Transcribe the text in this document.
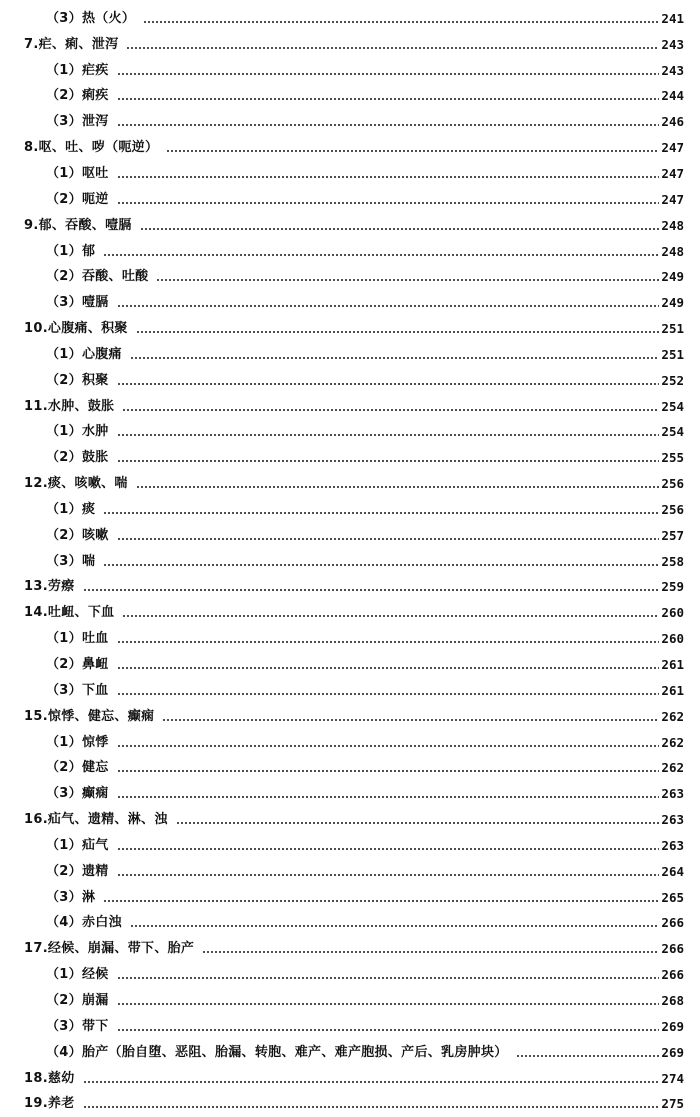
（3）热（火）	241
7.疟、痢、泄泻	243
（1）疟疾	243
（2）痢疾	244
（3）泄泻	246
8.呕、吐、哕（呃逆）	247
（1）呕吐	247
（2）呃逆	247
9.郁、吞酸、噎膈	248
（1）郁	248
（2）吞酸、吐酸	249
（3）噎膈	249
10.心腹痛、积聚	251
（1）心腹痛	251
（2）积聚	252
11.水肿、鼓胀	254
（1）水肿	254
（2）鼓胀	255
12.痰、咳嗽、喘	256
（1）痰	256
（2）咳嗽	257
（3）喘	258
13.劳瘵	259
14.吐衄、下血	260
（1）吐血	260
（2）鼻衄	261
（3）下血	261
15.惊悸、健忘、癫痫	262
（1）惊悸	262
（2）健忘	262
（3）癫痫	263
16.疝气、遗精、淋、浊	263
（1）疝气	263
（2）遗精	264
（3）淋	265
（4）赤白浊	266
17.经候、崩漏、带下、胎产	266
（1）经候	266
（2）崩漏	268
（3）带下	269
（4）胎产（胎自堕、恶阻、胎漏、转胞、难产、难产胞损、产后、乳房肿块）	269
18.慈幼	274
19.养老	275
